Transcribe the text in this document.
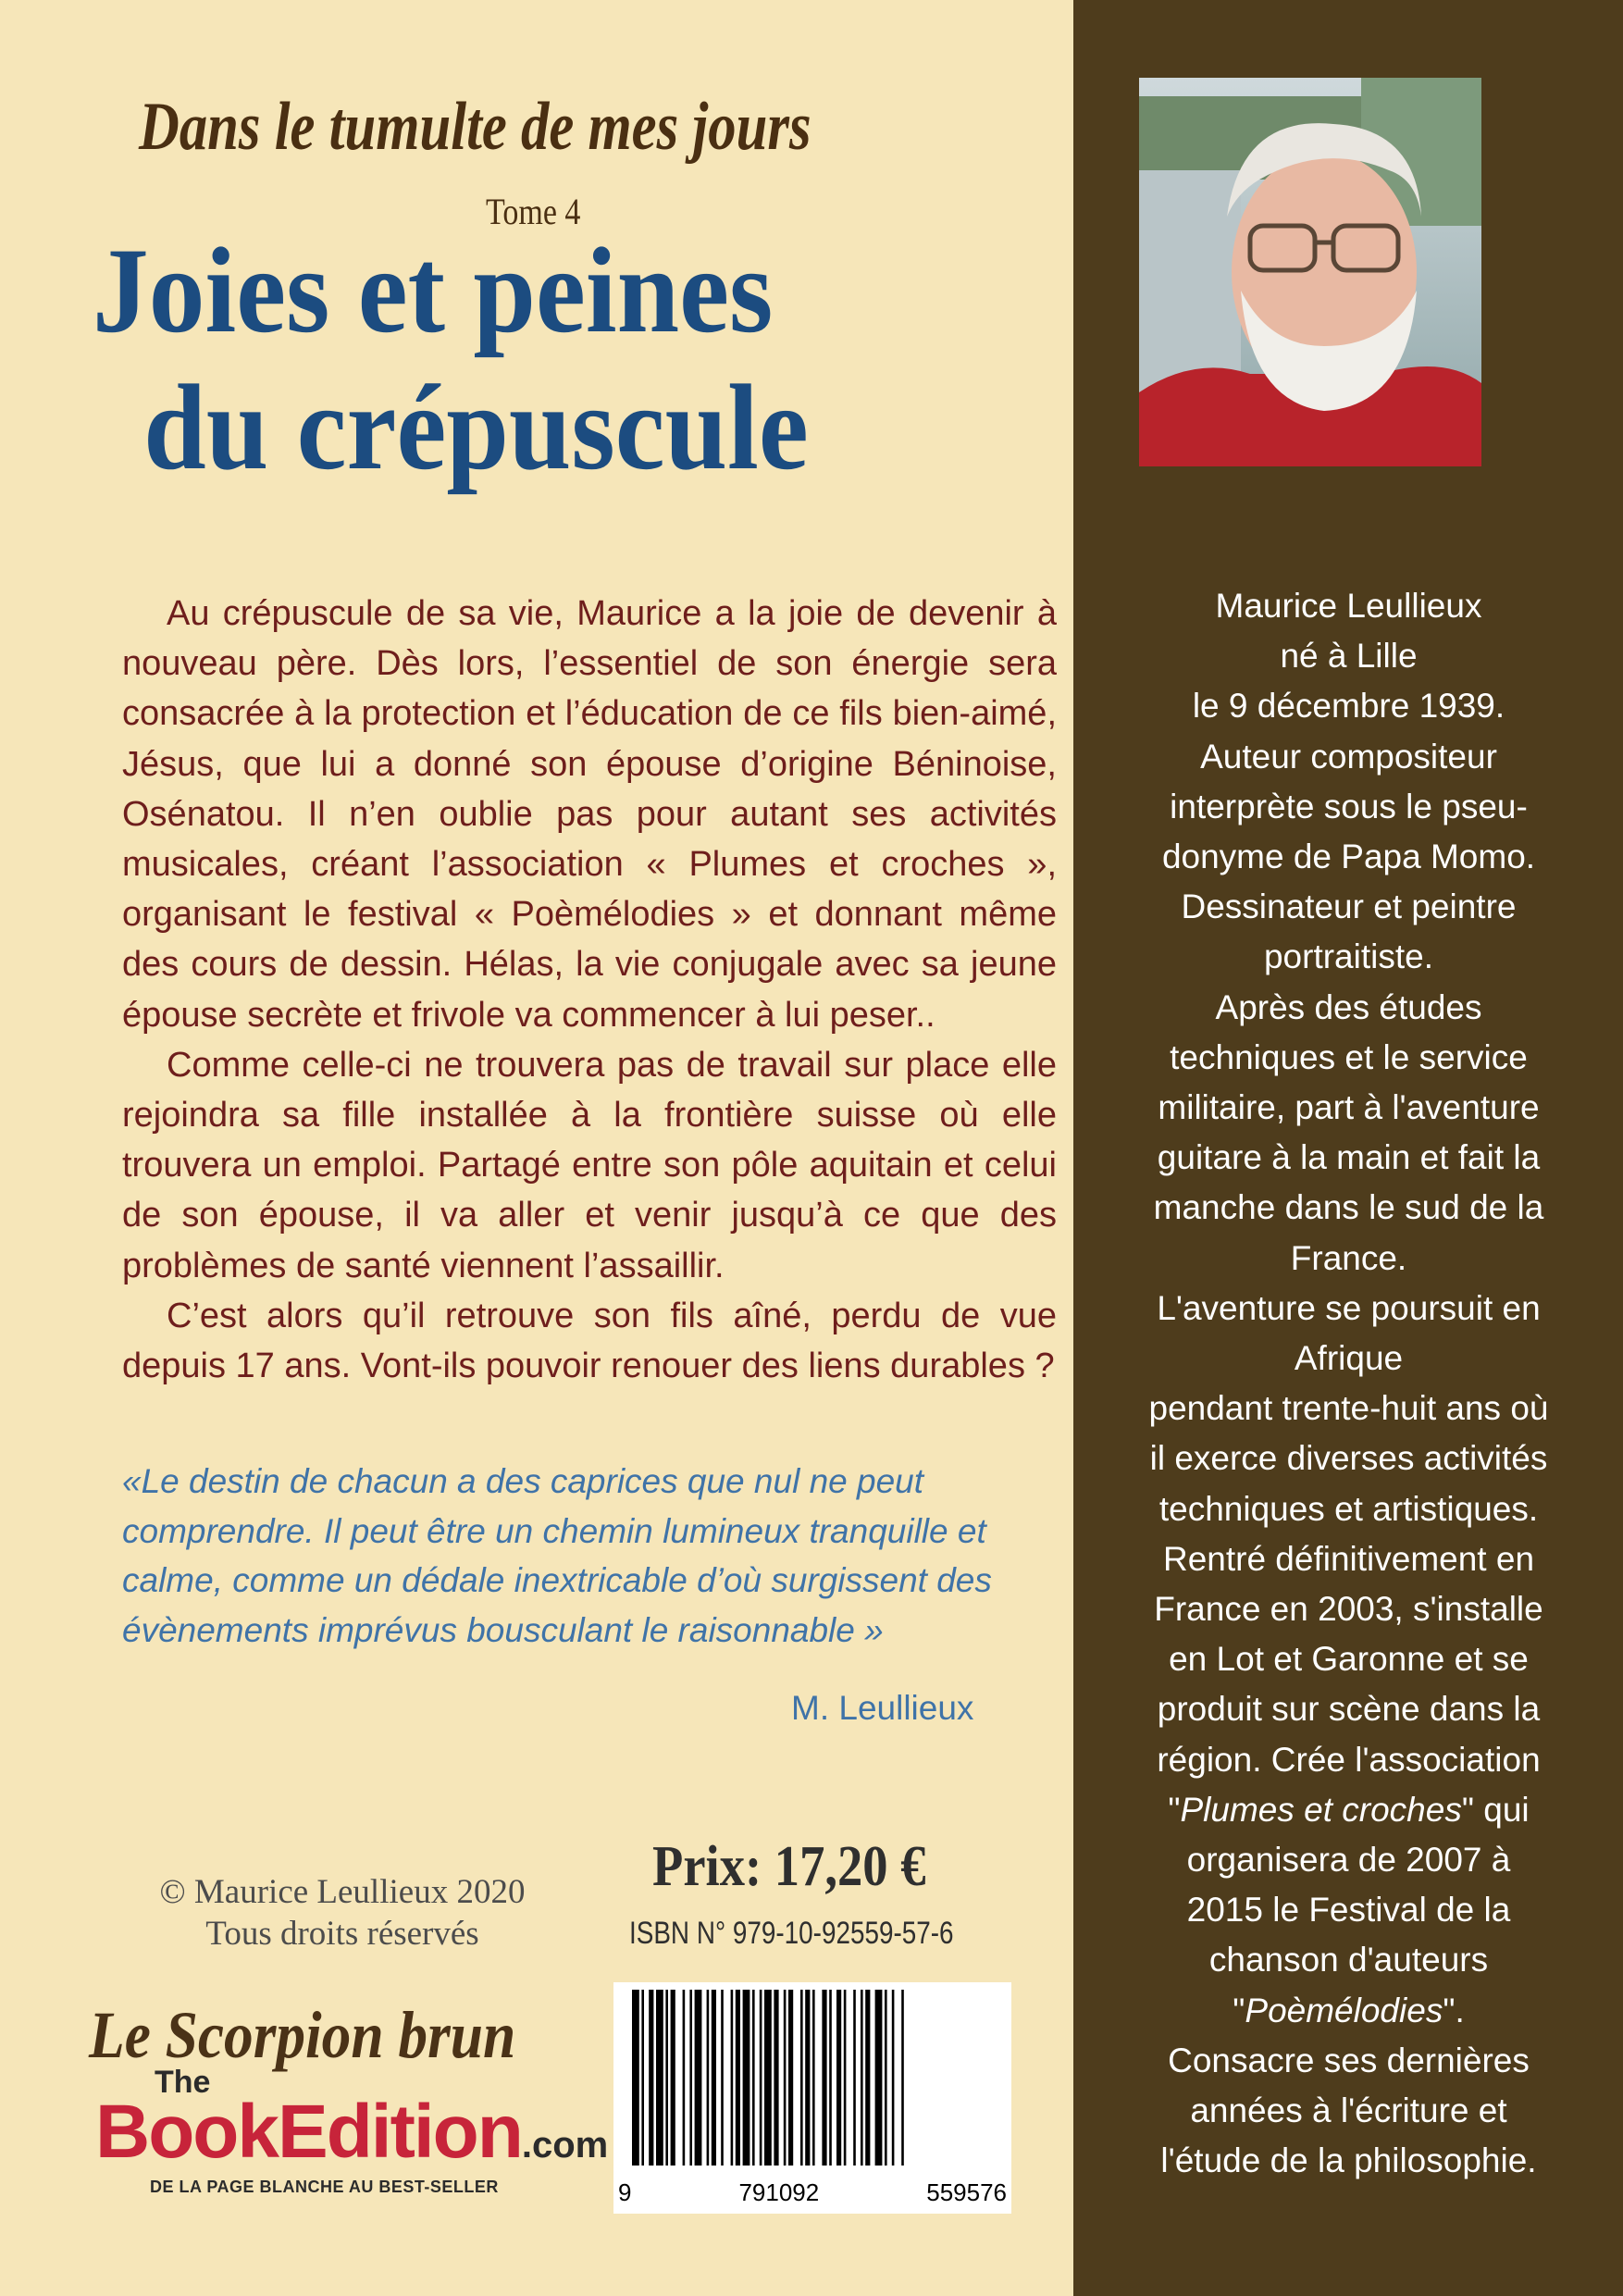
Dans le tumulte de mes jours
Tome 4
Joies et peines
du crépuscule

Au crépuscule de sa vie, Maurice a la joie de devenir à nouveau père. Dès lors, l’essentiel de son énergie sera consacrée à la protection et l’éducation de ce fils bien-aimé, Jésus, que lui a donné son épouse d’origine Béninoise, Osénatou. Il n’en oublie pas pour autant ses activités musicales, créant l’association « Plumes et croches », organisant le festival « Poèmélodies » et donnant même des cours de dessin. Hélas, la vie conjugale avec sa jeune épouse secrète et frivole va commencer à lui peser..

Comme celle-ci ne trouvera pas de travail sur place elle rejoindra sa fille installée à la frontière suisse où elle trouvera un emploi. Partagé entre son pôle aquitain et celui de son épouse, il va aller et venir jusqu’à ce que des problèmes de santé viennent l’assaillir.

C’est alors qu’il retrouve son fils aîné, perdu de vue depuis 17 ans. Vont-ils pouvoir renouer des liens durables ?

«Le destin de chacun a des caprices que nul ne peut comprendre. Il peut être un chemin lumineux tranquille et calme, comme un dédale inextricable d’où surgissent des évènements imprévus bousculant le raisonnable »
M. Leullieux
© Maurice Leullieux 2020
Tous droits réservés
Prix: 17,20 €
ISBN N° 979-10-92559-57-6
Le Scorpion brun
The
BookEdition.com
DE LA PAGE BLANCHE AU BEST-SELLER	9	791092	559576
Maurice Leullieux
né à Lille
le 9 décembre 1939.
Auteur compositeur
interprète sous le pseu-
donyme de Papa Momo.
Dessinateur et peintre
portraitiste.
Après des études
techniques et le service
militaire, part à l'aventure
guitare à la main et fait la
manche dans le sud de la
France.
L'aventure se poursuit en
Afrique
pendant trente-huit ans où
il exerce diverses activités
techniques et artistiques.
Rentré définitivement en
France en 2003, s'installe
en Lot et Garonne et se
produit sur scène dans la
région. Crée l'association
"Plumes et croches" qui
organisera de 2007 à
2015 le Festival de la
chanson d'auteurs
"Poèmélodies".
Consacre ses dernières
années à l'écriture et
l'étude de la philosophie.
